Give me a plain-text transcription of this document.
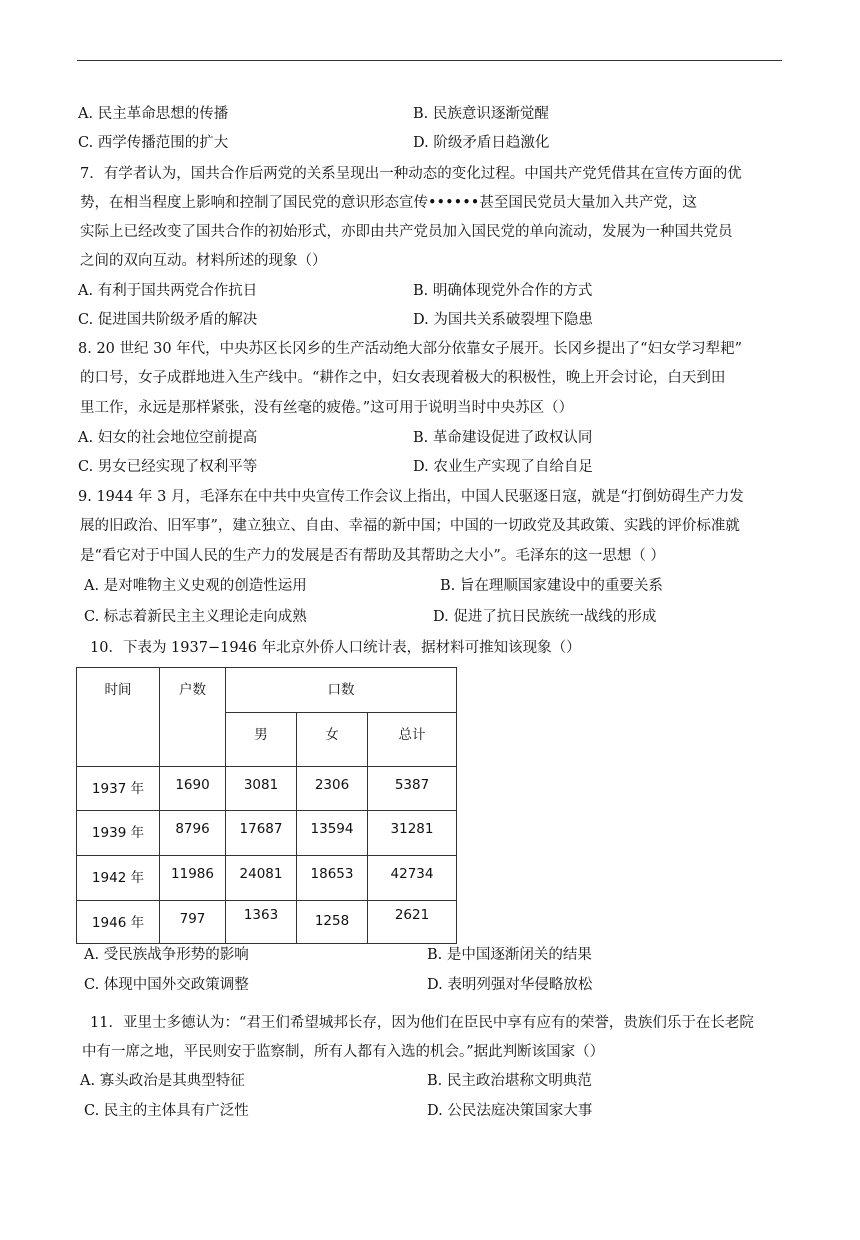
A. 民主革命思想的传播	B. 民族意识逐渐觉醒
C. 西学传播范围的扩大	D. 阶级矛盾日趋激化
7．有学者认为，国共合作后两党的关系呈现出一种动态的变化过程。中国共产党凭借其在宣传方面的优
势，在相当程度上影响和控制了国民党的意识形态宣传••••••甚至国民党员大量加入共产党，这
实际上已经改变了国共合作的初始形式，亦即由共产党员加入国民党的单向流动，发展为一种国共党员
之间的双向互动。材料所述的现象（）
A. 有利于国共两党合作抗日	B. 明确体现党外合作的方式
C. 促进国共阶级矛盾的解决	D. 为国共关系破裂埋下隐患
8. 20 世纪 30 年代，中央苏区长冈乡的生产活动绝大部分依靠女子展开。长冈乡提出了“妇女学习犁耙”
的口号，女子成群地进入生产线中。“耕作之中，妇女表现着极大的积极性，晚上开会讨论，白天到田
里工作，永远是那样紧张，没有丝毫的疲倦。”这可用于说明当时中央苏区（）
A. 妇女的社会地位空前提高	B. 革命建设促进了政权认同
C. 男女已经实现了权利平等	D. 农业生产实现了自给自足
9. 1944 年 3 月，毛泽东在中共中央宣传工作会议上指出，中国人民驱逐日寇，就是“打倒妨碍生产力发
展的旧政治、旧军事”，建立独立、自由、幸福的新中国；中国的一切政党及其政策、实践的评价标准就
是“看它对于中国人民的生产力的发展是否有帮助及其帮助之大小”。毛泽东的这一思想（ ）
A. 是对唯物主义史观的创造性运用	B. 旨在理顺国家建设中的重要关系
C. 标志着新民主主义理论走向成熟	D. 促进了抗日民族统一战线的形成
10．下表为 1937−1946 年北京外侨人口统计表，据材料可推知该现象（）
时间	户数	口数		

		男	女	总计

1937 年	1690	3081	2306	5387

1939 年	8796	17687	13594	31281

1942 年	11986	24081	18653	42734

1946 年	797	1363	1258	2621
A. 受民族战争形势的影响	B. 是中国逐渐闭关的结果
C. 体现中国外交政策调整	D. 表明列强对华侵略放松
11．亚里士多德认为：“君王们希望城邦长存，因为他们在臣民中享有应有的荣誉，贵族们乐于在长老院
中有一席之地，平民则安于监察制，所有人都有入选的机会。”据此判断该国家（）
A. 寡头政治是其典型特征	B. 民主政治堪称文明典范
C. 民主的主体具有广泛性	D. 公民法庭决策国家大事
